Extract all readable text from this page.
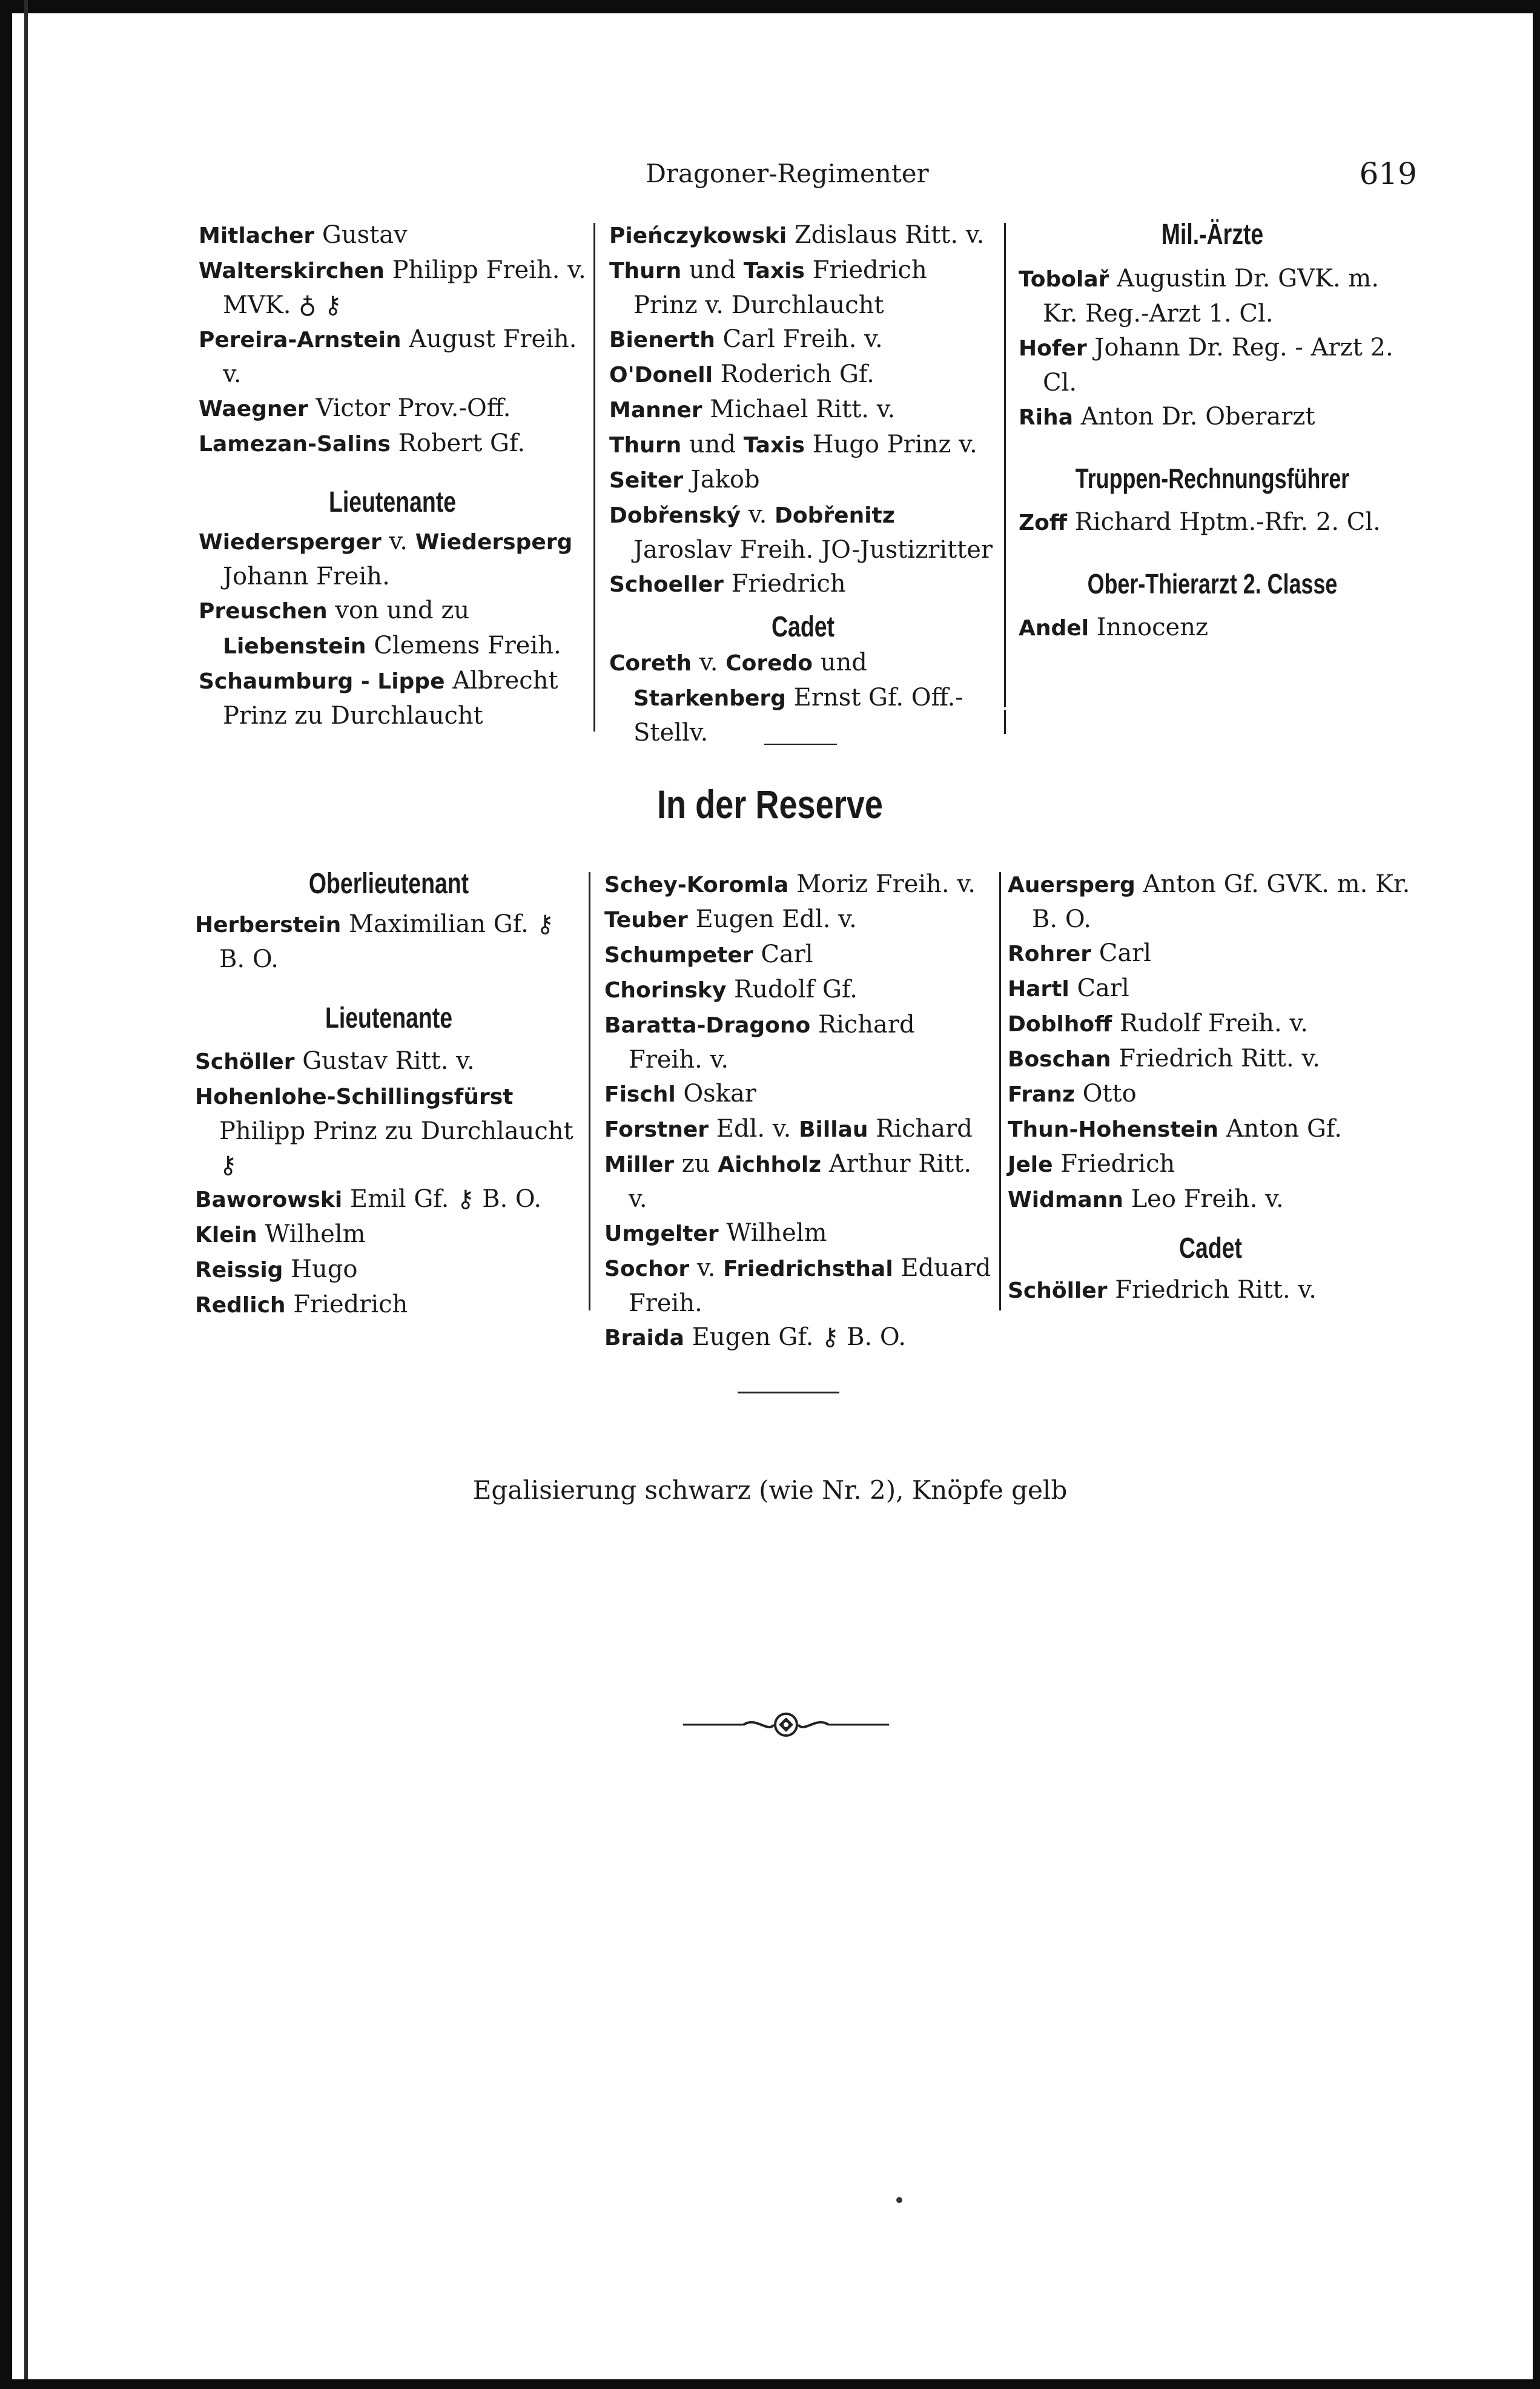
Dragoner-Regimenter	619

Mitlacher Gustav

Walterskirchen Philipp Freih. v. MVK. ♁ ⚷

Pereira-Arnstein August Freih. v.

Waegner Victor Prov.-Off.

Lamezan-Salins Robert Gf.

Lieutenante

Wiedersperger v. Wiedersperg Johann Freih.

Preuschen von und zu Liebenstein Clemens Freih.

Schaumburg - Lippe Albrecht Prinz zu Durchlaucht

Pieńczykowski Zdislaus Ritt. v.

Thurn und Taxis Friedrich Prinz v. Durchlaucht

Bienerth Carl Freih. v.

O'Donell Roderich Gf.

Manner Michael Ritt. v.

Thurn und Taxis Hugo Prinz v.

Seiter Jakob

Dobřenský v. Dobřenitz Jaroslav Freih. JO-Justizritter

Schoeller Friedrich

Cadet

Coreth v. Coredo und Starkenberg Ernst Gf. Off.-Stellv.

Mil.-Ärzte

Tobolař Augustin Dr. GVK. m. Kr. Reg.-Arzt 1. Cl.

Hofer Johann Dr. Reg. - Arzt 2. Cl.

Riha Anton Dr. Oberarzt

Truppen-Rechnungsführer

Zoff Richard Hptm.-Rfr. 2. Cl.

Ober-Thierarzt 2. Classe

Andel Innocenz

In der Reserve

Oberlieutenant

Herberstein Maximilian Gf. ⚷ B. O.

Lieutenante

Schöller Gustav Ritt. v.

Hohenlohe-Schillingsfürst Philipp Prinz zu Durchlaucht ⚷

Baworowski Emil Gf. ⚷ B. O.

Klein Wilhelm

Reissig Hugo

Redlich Friedrich

Schey-Koromla Moriz Freih. v.

Teuber Eugen Edl. v.

Schumpeter Carl

Chorinsky Rudolf Gf.

Baratta-Dragono Richard Freih. v.

Fischl Oskar

Forstner Edl. v. Billau Richard

Miller zu Aichholz Arthur Ritt. v.

Umgelter Wilhelm

Sochor v. Friedrichsthal Eduard Freih.

Braida Eugen Gf. ⚷ B. O.

Auersperg Anton Gf. GVK. m. Kr. B. O.

Rohrer Carl

Hartl Carl

Doblhoff Rudolf Freih. v.

Boschan Friedrich Ritt. v.

Franz Otto

Thun-Hohenstein Anton Gf.

Jele Friedrich

Widmann Leo Freih. v.

Cadet

Schöller Friedrich Ritt. v.

Egalisierung schwarz (wie Nr. 2), Knöpfe gelb
